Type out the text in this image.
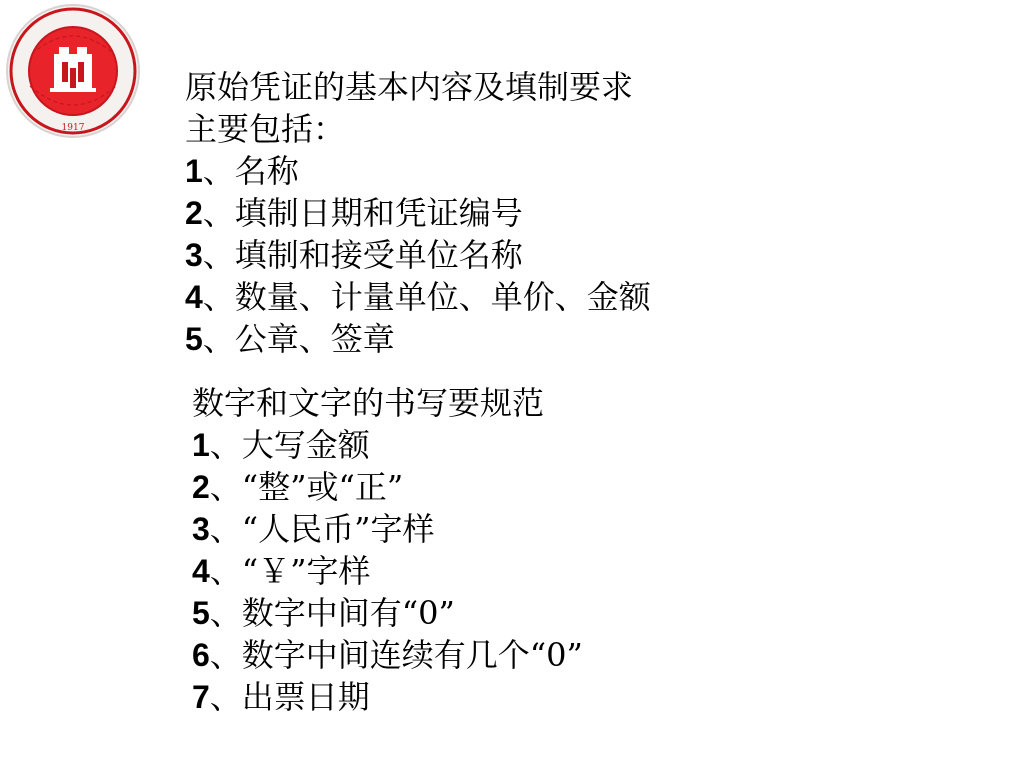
1917
原始凭证的基本内容及填制要求
主要包括：
1、名称
2、填制日期和凭证编号
3、填制和接受单位名称
4、数量、计量单位、单价、金额
5、公章、签章
数字和文字的书写要规范
1、大写金额
2、“整”或“正”
3、“人民币”字样
4、“￥”字样
5、数字中间有“0”
6、数字中间连续有几个“0”
7、出票日期
